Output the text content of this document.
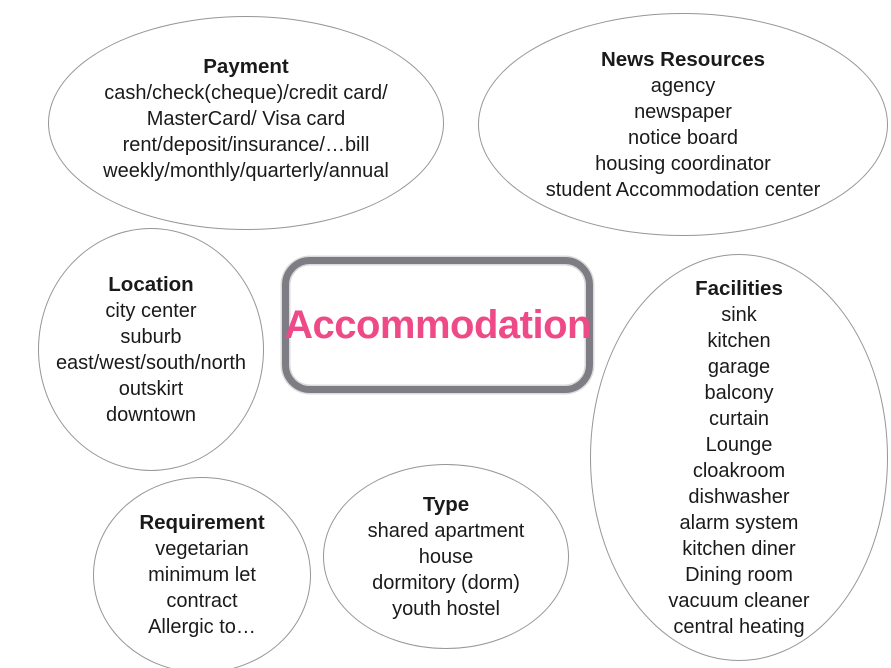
Payment
cash/check(cheque)/credit card/
MasterCard/ Visa card
rent/deposit/insurance/…bill
weekly/monthly/quarterly/annual
News Resources
agency
newspaper
notice board
housing coordinator
student Accommodation center
Location
city center
suburb
east/west/south/north
outskirt
downtown
Accommodation
Facilities
sink
kitchen
garage
balcony
curtain
Lounge
cloakroom
dishwasher
alarm system
kitchen diner
Dining room
vacuum cleaner
central heating
Requirement
vegetarian
minimum let
contract
Allergic to…
Type
shared apartment
house
dormitory (dorm)
youth hostel
